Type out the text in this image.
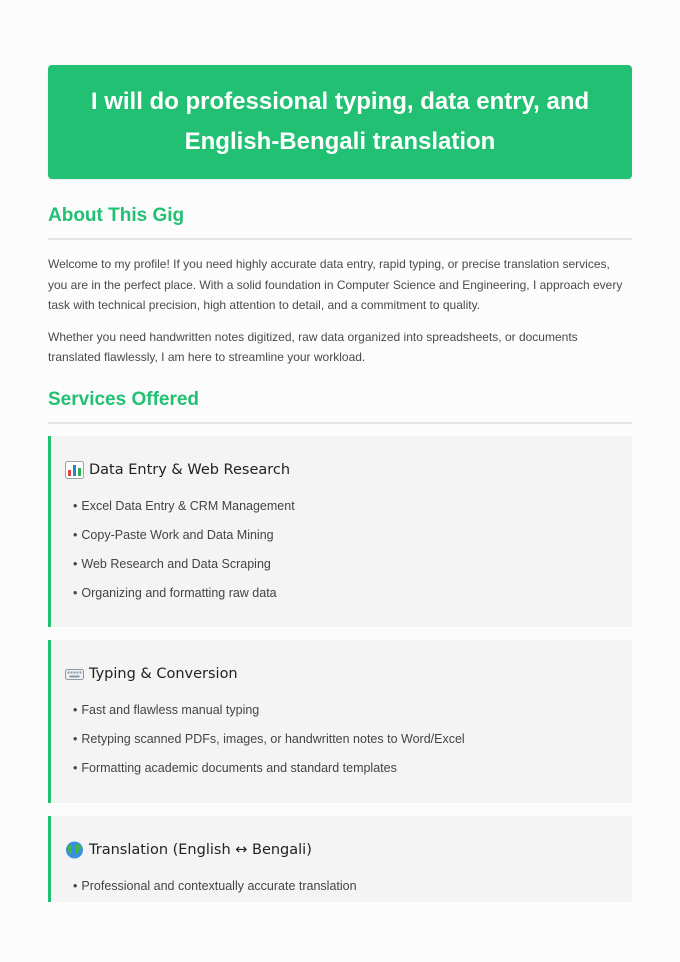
I will do professional typing, data entry, and English-Bengali translation
About This Gig

Welcome to my profile! If you need highly accurate data entry, rapid typing, or precise translation services, you are in the perfect place. With a solid foundation in Computer Science and Engineering, I approach every task with technical precision, high attention to detail, and a commitment to quality.

Whether you need handwritten notes digitized, raw data organized into spreadsheets, or documents translated flawlessly, I am here to streamline your workload.

Services Offered
Data Entry & Web Research
• Excel Data Entry & CRM Management
• Copy-Paste Work and Data Mining
• Web Research and Data Scraping
• Organizing and formatting raw data
Typing & Conversion
• Fast and flawless manual typing
• Retyping scanned PDFs, images, or handwritten notes to Word/Excel
• Formatting academic documents and standard templates
Translation (English ↔ Bengali)
• Professional and contextually accurate translation
